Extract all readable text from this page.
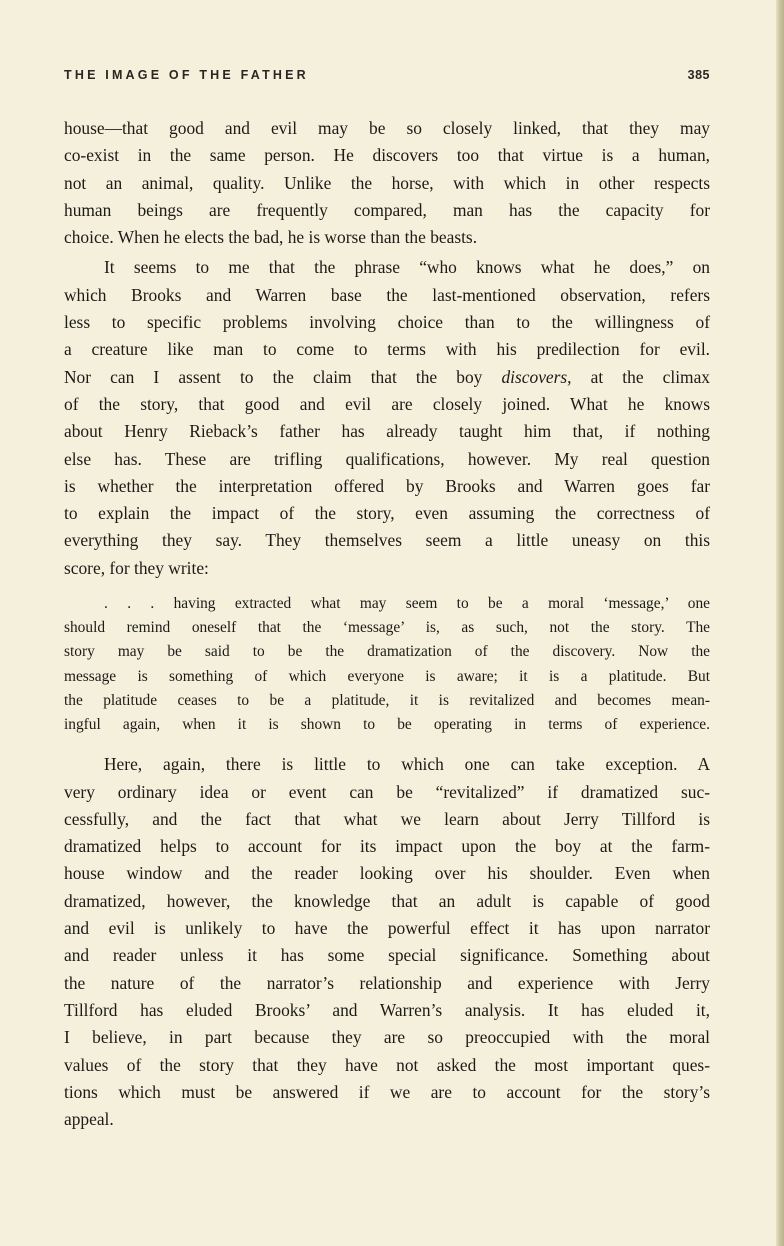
THE IMAGE OF THE FATHER	385

house—that good and evil may be so closely linked, that they may
co-exist in the same person. He discovers too that virtue is a human,
not an animal, quality. Unlike the horse, with which in other respects
human beings are frequently compared, man has the capacity for
choice. When he elects the bad, he is worse than the beasts.

It seems to me that the phrase “who knows what he does,” on
which Brooks and Warren base the last-mentioned observation, refers
less to specific problems involving choice than to the willingness of
a creature like man to come to terms with his predilection for evil.
Nor can I assent to the claim that the boy discovers, at the climax
of the story, that good and evil are closely joined. What he knows
about Henry Rieback’s father has already taught him that, if nothing
else has. These are trifling qualifications, however. My real question
is whether the interpretation offered by Brooks and Warren goes far
to explain the impact of the story, even assuming the correctness of
everything they say. They themselves seem a little uneasy on this
score, for they write:

. . . having extracted what may seem to be a moral ‘message,’ one
should remind oneself that the ‘message’ is, as such, not the story. The
story may be said to be the dramatization of the discovery. Now the
message is something of which everyone is aware; it is a platitude. But
the platitude ceases to be a platitude, it is revitalized and becomes mean-
ingful again, when it is shown to be operating in terms of experience.

Here, again, there is little to which one can take exception. A
very ordinary idea or event can be “revitalized” if dramatized suc-
cessfully, and the fact that what we learn about Jerry Tillford is
dramatized helps to account for its impact upon the boy at the farm-
house window and the reader looking over his shoulder. Even when
dramatized, however, the knowledge that an adult is capable of good
and evil is unlikely to have the powerful effect it has upon narrator
and reader unless it has some special significance. Something about
the nature of the narrator’s relationship and experience with Jerry
Tillford has eluded Brooks’ and Warren’s analysis. It has eluded it,
I believe, in part because they are so preoccupied with the moral
values of the story that they have not asked the most important ques-
tions which must be answered if we are to account for the story’s
appeal.
